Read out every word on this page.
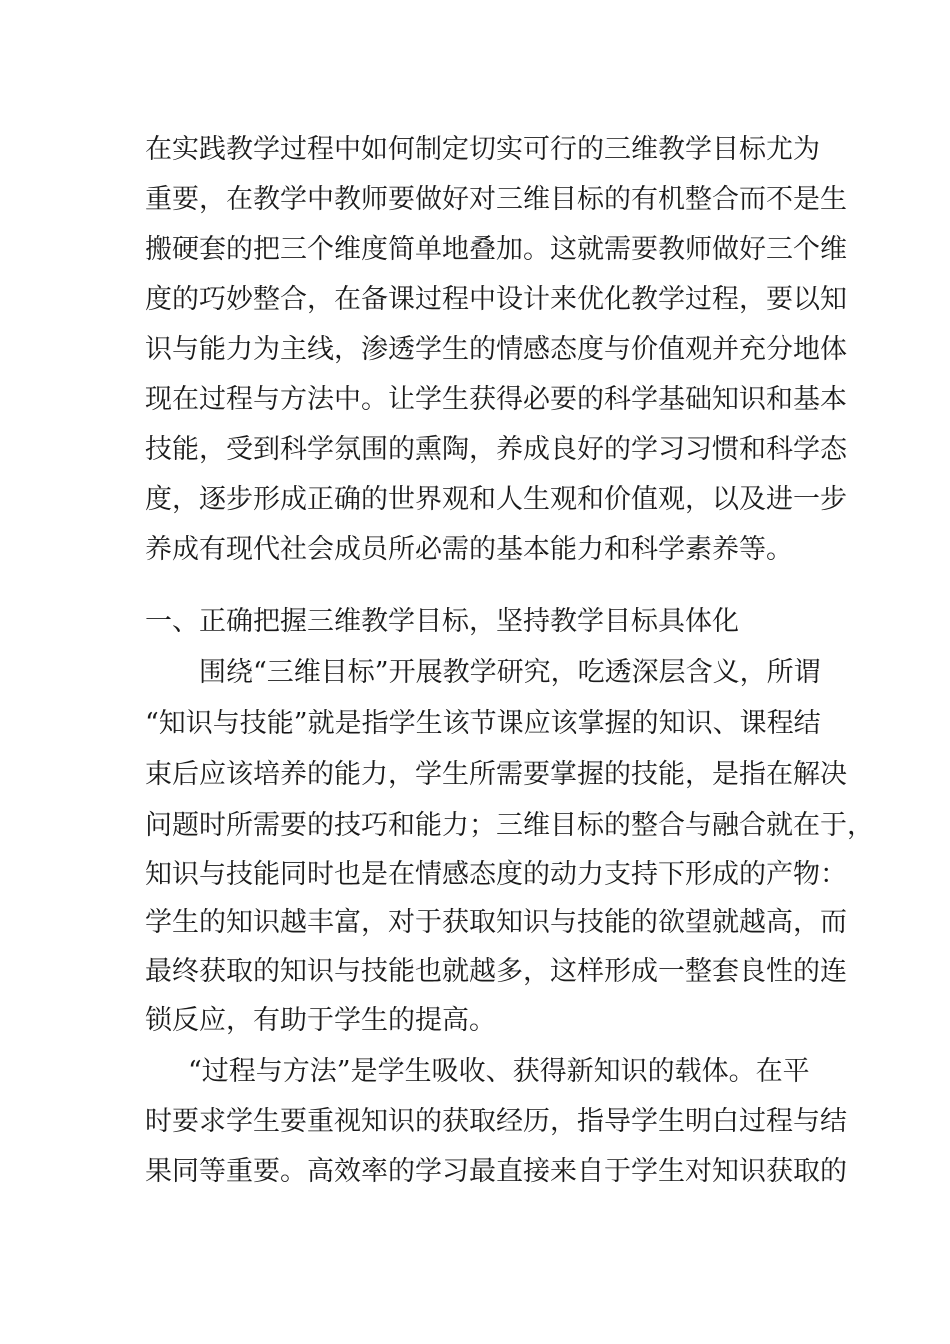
在实践教学过程中如何制定切实可行的三维教学目标尤为
重要，在教学中教师要做好对三维目标的有机整合而不是生
搬硬套的把三个维度简单地叠加。这就需要教师做好三个维
度的巧妙整合，在备课过程中设计来优化教学过程，要以知
识与能力为主线，渗透学生的情感态度与价值观并充分地体
现在过程与方法中。让学生获得必要的科学基础知识和基本
技能，受到科学氛围的熏陶，养成良好的学习习惯和科学态
度，逐步形成正确的世界观和人生观和价值观，以及进一步
养成有现代社会成员所必需的基本能力和科学素养等。
一、正确把握三维教学目标，坚持教学目标具体化
围绕“三维目标”开展教学研究，吃透深层含义，所谓
“知识与技能”就是指学生该节课应该掌握的知识、课程结
束后应该培养的能力，学生所需要掌握的技能，是指在解决
问题时所需要的技巧和能力；三维目标的整合与融合就在于，
知识与技能同时也是在情感态度的动力支持下形成的产物：
学生的知识越丰富，对于获取知识与技能的欲望就越高，而
最终获取的知识与技能也就越多，这样形成一整套良性的连
锁反应，有助于学生的提高。
“过程与方法”是学生吸收、获得新知识的载体。在平
时要求学生要重视知识的获取经历，指导学生明白过程与结
果同等重要。高效率的学习最直接来自于学生对知识获取的
